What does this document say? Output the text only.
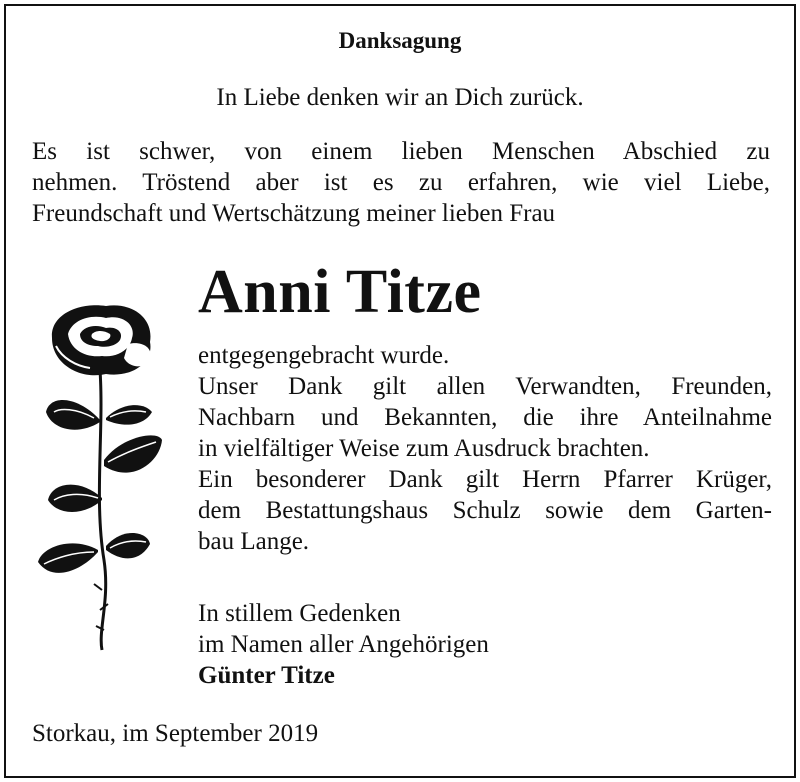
Danksagung
In Liebe denken wir an Dich zurück.
Es ist schwer, von einem lieben Menschen Abschied zu
nehmen. Tröstend aber ist es zu erfahren, wie viel Liebe,
Freundschaft und Wertschätzung meiner lieben Frau
Anni Titze
entgegengebracht wurde.
Unser Dank gilt allen Verwandten, Freunden,
Nachbarn und Bekannten, die ihre Anteilnahme
in vielfältiger Weise zum Ausdruck brachten.
Ein besonderer Dank gilt Herrn Pfarrer Krüger,
dem Bestattungshaus Schulz sowie dem Garten-
bau Lange.
In stillem Gedenken
im Namen aller Angehörigen
Günter Titze
Storkau, im September 2019
